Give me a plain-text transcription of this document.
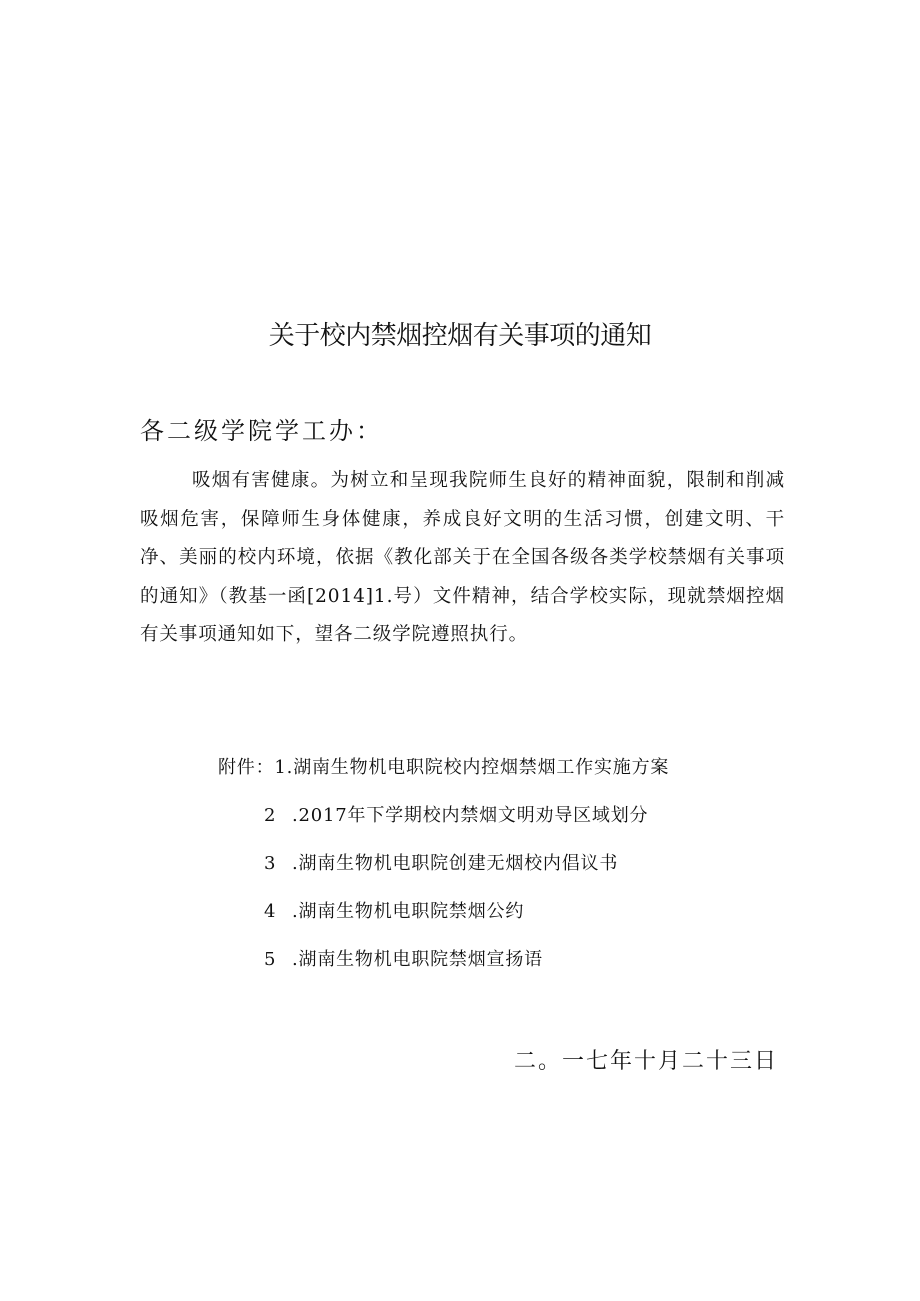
关于校内禁烟控烟有关事项的通知

各二级学院学工办：

吸烟有害健康。为树立和呈现我院师生良好的精神面貌，限制和削减吸烟危害，保障师生身体健康，养成良好文明的生活习惯，创建文明、干净、美丽的校内环境，依据《教化部关于在全国各级各类学校禁烟有关事项的通知》（教基一函[2014]1.号）文件精神，结合学校实际，现就禁烟控烟有关事项通知如下，望各二级学院遵照执行。

附件：1.湖南生物机电职院校内控烟禁烟工作实施方案
2 .2017年下学期校内禁烟文明劝导区域划分
3 .湖南生物机电职院创建无烟校内倡议书
4 .湖南生物机电职院禁烟公约
5 .湖南生物机电职院禁烟宣扬语
二。一七年十月二十三日
